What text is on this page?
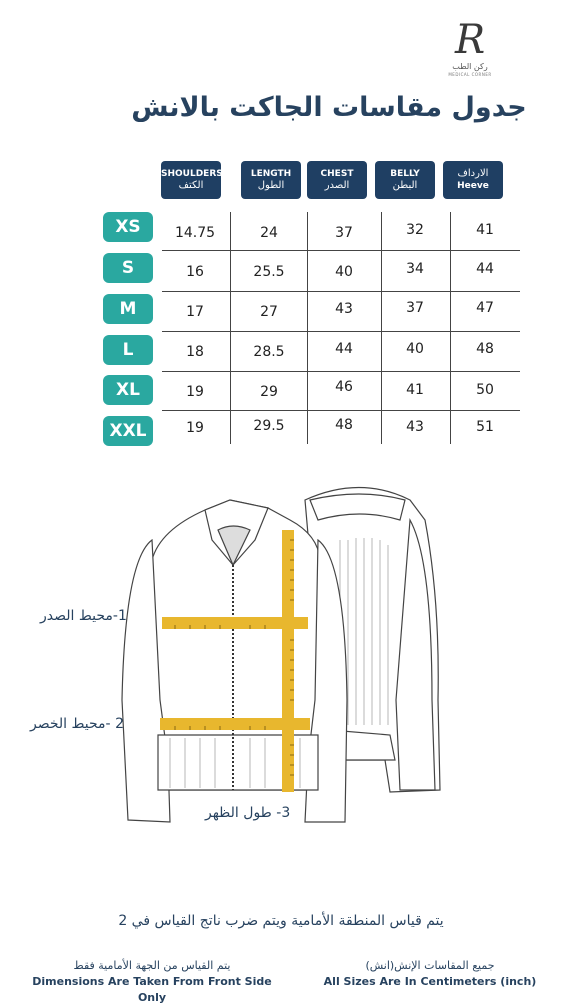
R
ركن الطب
MEDICAL CORNER
جدول مقاسات الجاكت بالانش
SHOULDERS
الكتف
LENGTH
الطول
CHEST
الصدر
BELLY
البطن
الارداف
Heeve
XS	14.75	24	37	32	41
S	16	25.5	40	34	44
M	17	27	43	37	47
L	18	28.5	44	40	48
XL	19	29	46	41	50
XXL	19	29.5	48	43	51
1-محيط الصدر
2 -محيط الخصر
3- طول الظهر
يتم قياس المنطقة الأمامية ويتم ضرب ناتج القياس في 2
يتم القياس من الجهة الأمامية فقط
Dimensions Are Taken From Front Side Only
جميع المقاسات الإنش(انش)
All Sizes Are In Centimeters (inch)
